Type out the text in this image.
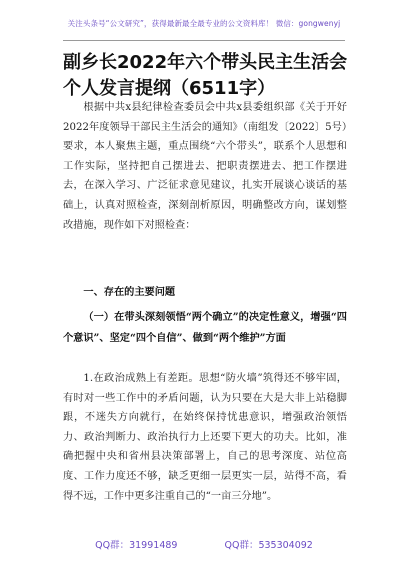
关注头条号“公文研究”，获得最新最全最专业的公文资料库！ 微信：gongwenyj
副乡长2022年六个带头民主生活会个人发言提纲（6511字）

根据中共x县纪律检查委员会中共x县委组织部《关于开好2022年度领导干部民主生活会的通知》（南组发〔2022〕5号）要求，本人聚焦主题，重点围绕“六个带头”，联系个人思想和工作实际，坚持把自己摆进去、把职责摆进去、把工作摆进去，在深入学习、广泛征求意见建议，扎实开展谈心谈话的基础上，认真对照检查，深刻剖析原因，明确整改方向，谋划整改措施，现作如下对照检查：

一、存在的主要问题

（一）在带头深刻领悟“两个确立”的决定性意义，增强“四个意识”、坚定“四个自信”、做到“两个维护”方面

1.在政治成熟上有差距。思想“防火墙”筑得还不够牢固，有时对一些工作中的矛盾问题，认为只要在大是大非上站稳脚跟，不迷失方向就行，在始终保持忧患意识，增强政治领悟力、政治判断力、政治执行力上还要下更大的功夫。比如，准确把握中央和省州县决策部署上，自己的思考深度、站位高度、工作力度还不够，缺乏更细一层更实一层，站得不高，看得不远，工作中更多注重自己的“一亩三分地”。

QQ群：31991489	QQ群：535304092
